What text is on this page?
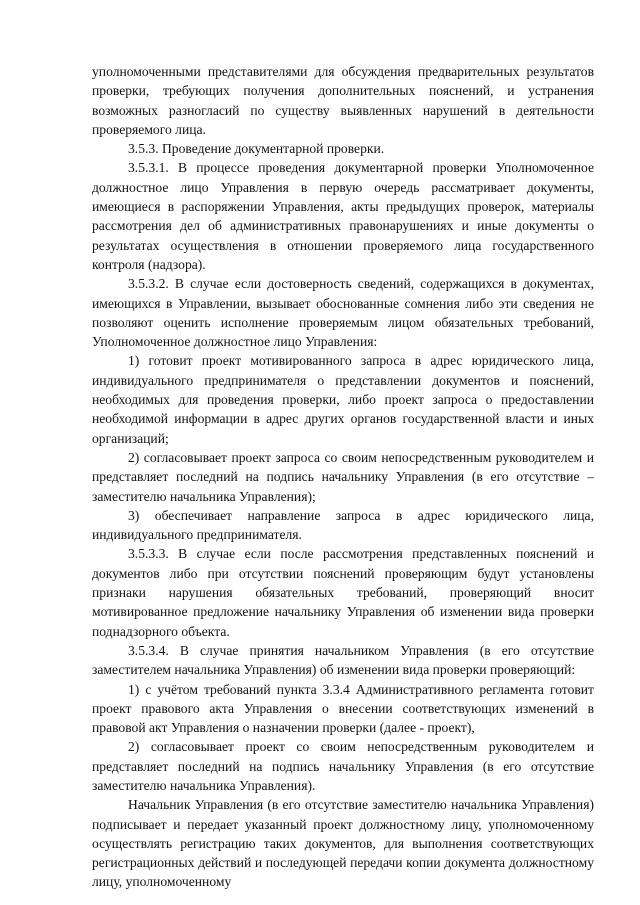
уполномоченными представителями для обсуждения предварительных результатов проверки, требующих получения дополнительных пояснений, и устранения возможных разногласий по существу выявленных нарушений в деятельности проверяемого лица.

3.5.3. Проведение документарной проверки.

3.5.3.1. В процессе проведения документарной проверки Уполномоченное должностное лицо Управления в первую очередь рассматривает документы, имеющиеся в распоряжении Управления, акты предыдущих проверок, материалы рассмотрения дел об административных правонарушениях и иные документы о результатах осуществления в отношении проверяемого лица государственного контроля (надзора).

3.5.3.2. В случае если достоверность сведений, содержащихся в документах, имеющихся в Управлении, вызывает обоснованные сомнения либо эти сведения не позволяют оценить исполнение проверяемым лицом обязательных требований, Уполномоченное должностное лицо Управления:

1) готовит проект мотивированного запроса в адрес юридического лица, индивидуального предпринимателя о представлении документов и пояснений, необходимых для проведения проверки, либо проект запроса о предоставлении необходимой информации в адрес других органов государственной власти и иных организаций;

2) согласовывает проект запроса со своим непосредственным руководителем и представляет последний на подпись начальнику Управления (в его отсутствие – заместителю начальника Управления);

3) обеспечивает направление запроса в адрес юридического лица, индивидуального предпринимателя.

3.5.3.3. В случае если после рассмотрения представленных пояснений и документов либо при отсутствии пояснений проверяющим будут установлены признаки нарушения обязательных требований, проверяющий вносит мотивированное предложение начальнику Управления об изменении вида проверки поднадзорного объекта.

3.5.3.4. В случае принятия начальником Управления (в его отсутствие заместителем начальника Управления) об изменении вида проверки проверяющий:

1) с учётом требований пункта 3.3.4 Административного регламента готовит проект правового акта Управления о внесении соответствующих изменений в правовой акт Управления о назначении проверки (далее - проект),

2) согласовывает проект со своим непосредственным руководителем и представляет последний на подпись начальнику Управления (в его отсутствие заместителю начальника Управления).

Начальник Управления (в его отсутствие заместителю начальника Управления) подписывает и передает указанный проект должностному лицу, уполномоченному осуществлять регистрацию таких документов, для выполнения соответствующих регистрационных действий и последующей передачи копии документа должностному лицу, уполномоченному
